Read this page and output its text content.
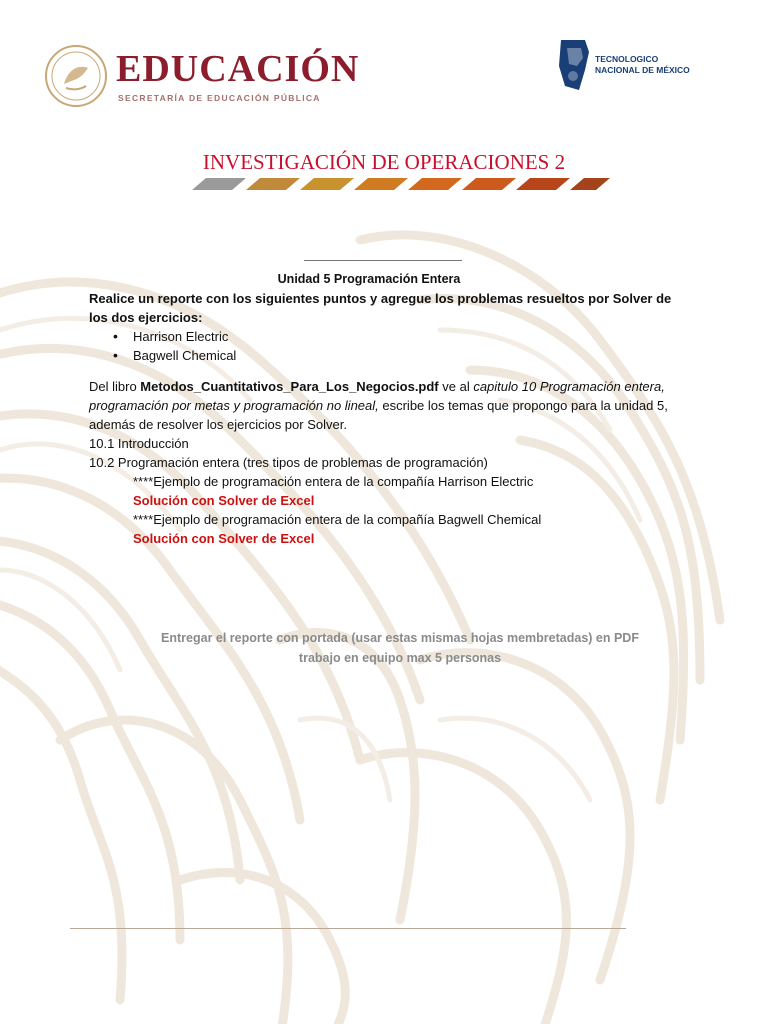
EDUCACIÓN
SECRETARÍA DE EDUCACIÓN PÚBLICA
TECNOLOGICO
NACIONAL DE MÉXICO
INVESTIGACIÓN DE OPERACIONES 2
Unidad 5 Programación Entera
Realice un reporte con los siguientes puntos y agregue los problemas resueltos por Solver de los dos ejercicios:
• Harrison Electric
• Bagwell Chemical
Del libro Metodos_Cuantitativos_Para_Los_Negocios.pdf ve al capitulo 10 Programación entera, programación por metas y programación no lineal, escribe los temas que propongo para la unidad 5, además de resolver los ejercicios por Solver.
10.1 Introducción
10.2 Programación entera (tres tipos de problemas de programación)
****Ejemplo de programación entera de la compañía Harrison Electric
Solución con Solver de Excel
****Ejemplo de programación entera de la compañía Bagwell Chemical
Solución con Solver de Excel
Entregar el reporte con portada (usar estas mismas hojas membretadas) en PDF
trabajo en equipo max 5 personas
